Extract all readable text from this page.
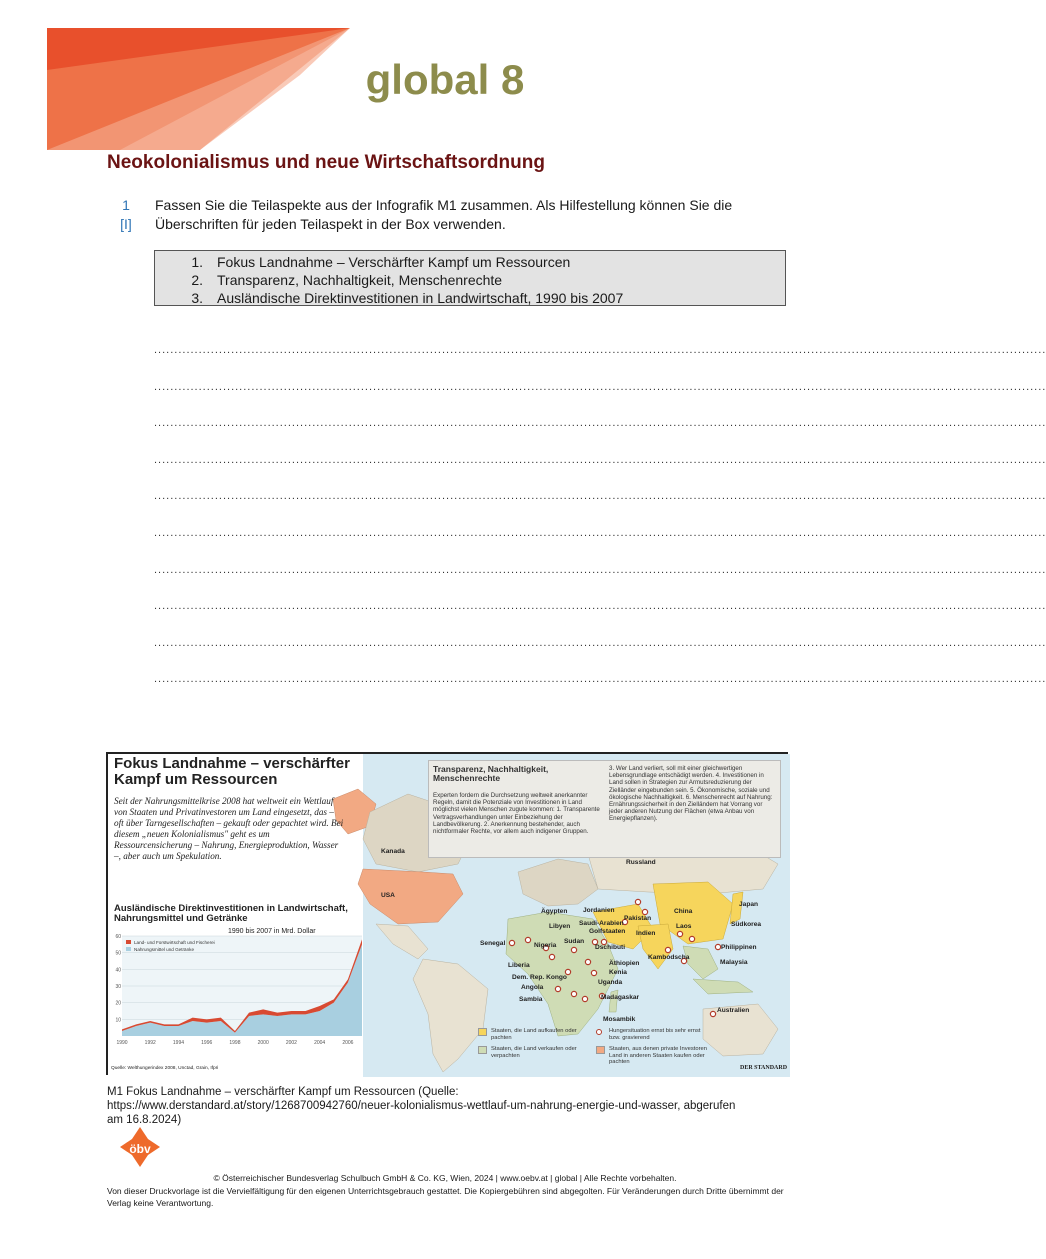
global 8
Neokolonialismus und neue Wirtschaftsordnung
1
[I]
Fassen Sie die Teilaspekte aus der Infografik M1 zusammen. Als Hilfestellung können Sie die Überschriften für jeden Teilaspekt in der Box verwenden.
1.	Fokus Landnahme – Verschärfter Kampf um Ressourcen
2.	Transparenz, Nachhaltigkeit, Menschenrechte
3.	Ausländische Direktinvestitionen in Landwirtschaft, 1990 bis 2007
............................................................................................................................................................................................................................
............................................................................................................................................................................................................................
............................................................................................................................................................................................................................
............................................................................................................................................................................................................................
............................................................................................................................................................................................................................
............................................................................................................................................................................................................................
............................................................................................................................................................................................................................
............................................................................................................................................................................................................................
............................................................................................................................................................................................................................
............................................................................................................................................................................................................................
Fokus Landnahme – verschärfter Kampf um Ressourcen
Seit der Nahrungsmittelkrise 2008 hat weltweit ein Wettlauf von Staaten und Privatinvestoren um Land eingesetzt, das – oft über Tarngesellschaften – gekauft oder gepachtet wird. Bei diesem „neuen Kolonialismus" geht es um Ressourcensicherung – Nahrung, Energieproduktion, Wasser –, aber auch um Spekulation.
Transparenz, Nachhaltigkeit, Menschenrechte
Experten fordern die Durchsetzung weltweit anerkannter Regeln, damit die Potenziale von Investitionen in Land möglichst vielen Menschen zugute kommen: 1. Transparente Vertragsverhandlungen unter Einbeziehung der Landbevölkerung. 2. Anerkennung bestehender, auch nichtformaler Rechte, vor allem auch indigener Gruppen.
3. Wer Land verliert, soll mit einer gleichwertigen Lebensgrundlage entschädigt werden. 4. Investitionen in Land sollen in Strategien zur Armutsreduzierung der Zielländer eingebunden sein. 5. Ökonomische, soziale und ökologische Nachhaltigkeit. 6. Menschenrecht auf Nahrung: Ernährungssicherheit in den Zielländern hat Vorrang vor jeder anderen Nutzung der Flächen (etwa Anbau von Energiepflanzen).
Kanada
USA
Russland
Ägypten Jordanien
Libyen Saudi-Arabien
Golfstaaten
Pakistan
China
Japan
Südkorea
Indien
Laos
Senegal	Nigeria
Sudan
Dschibuti
Äthiopien
Liberia
Dem. Rep. Kongo
Kenia
Uganda
Angola
Sambia	Madagaskar
Mosambik
Kambodscha
Philippinen
Malaysia
Australien
Ausländische Direktinvestitionen in Landwirtschaft, Nahrungsmittel und Getränke
1990 bis 2007 in Mrd. Dollar
10
20
30
40
50
60
1990	1992	1994	1996	1998	2000	2002	2004	2006
Land- und Forstwirtschaft und Fischerei
Nahrungsmittel und Getränke
Staaten, die Land aufkaufen oder pachten
Staaten, die Land verkaufen oder verpachten
Hungersituation ernst bis sehr ernst bzw. gravierend
Staaten, aus denen private Investoren Land in anderen Staaten kaufen oder pachten
Quelle: Welthungerindex 2008, Unctad, Grain, Ifpri	DER STANDARD
M1 Fokus Landnahme – verschärfter Kampf um Ressourcen (Quelle: https://www.derstandard.at/story/1268700942760/neuer-kolonialismus-wettlauf-um-nahrung-energie-und-wasser, abgerufen am 16.8.2024)
öbv
© Österreichischer Bundesverlag Schulbuch GmbH & Co. KG, Wien, 2024 | www.oebv.at | global | Alle Rechte vorbehalten.
Von dieser Druckvorlage ist die Vervielfältigung für den eigenen Unterrichtsgebrauch gestattet. Die Kopiergebühren sind abgegolten. Für Veränderungen durch Dritte übernimmt der Verlag keine Verantwortung.
